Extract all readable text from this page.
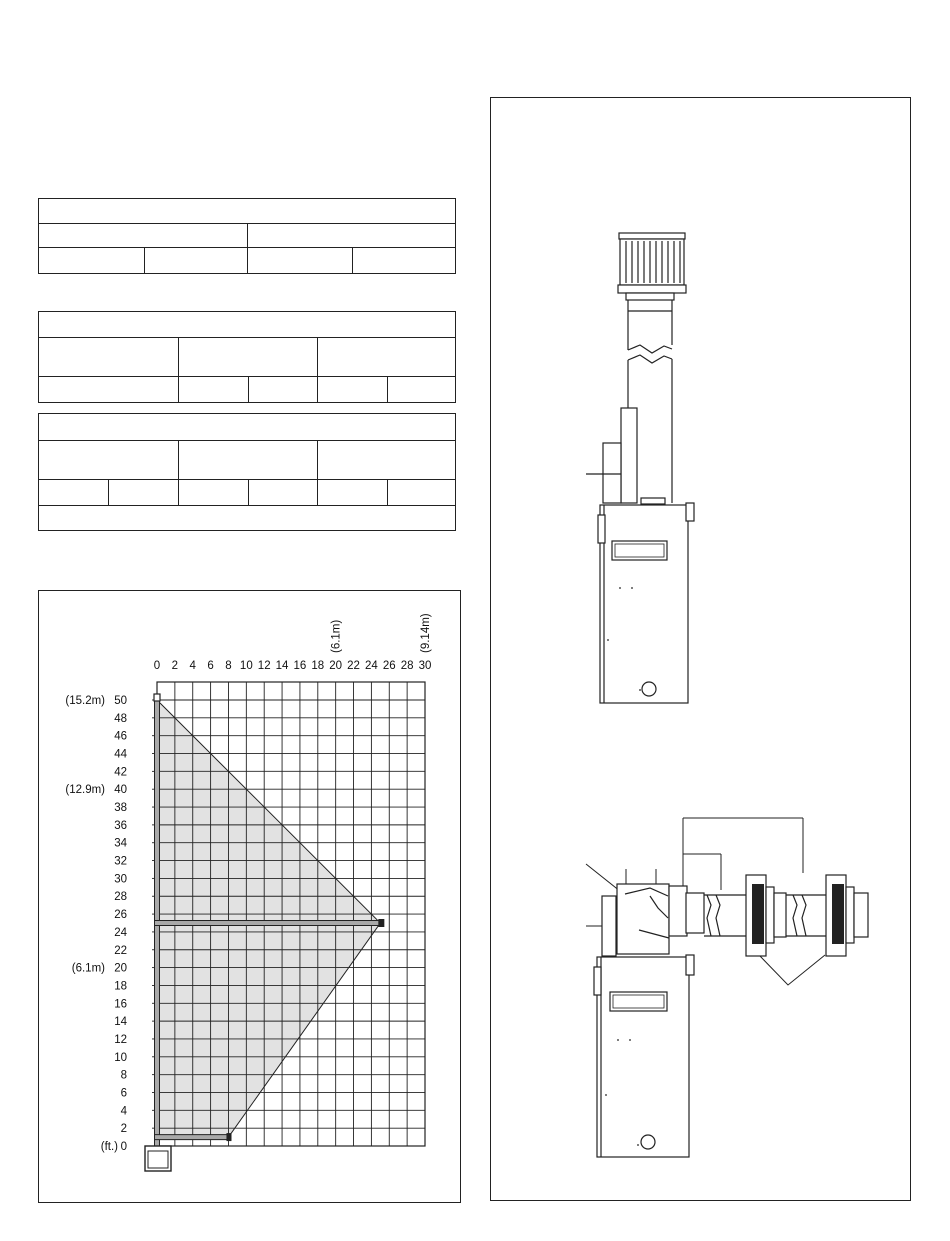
0 2 4 6 8 10 12 14 16 18 20 22 24 26 28 30
50
48
46
44
42
40
38
36
34
32
30
28
26
24
22
20
18
16
14
12
10
8
6
4
2
0
(6.1m)	(9.14m)
(15.2m)
(12.9m)
(6.1m)
(ft.)
